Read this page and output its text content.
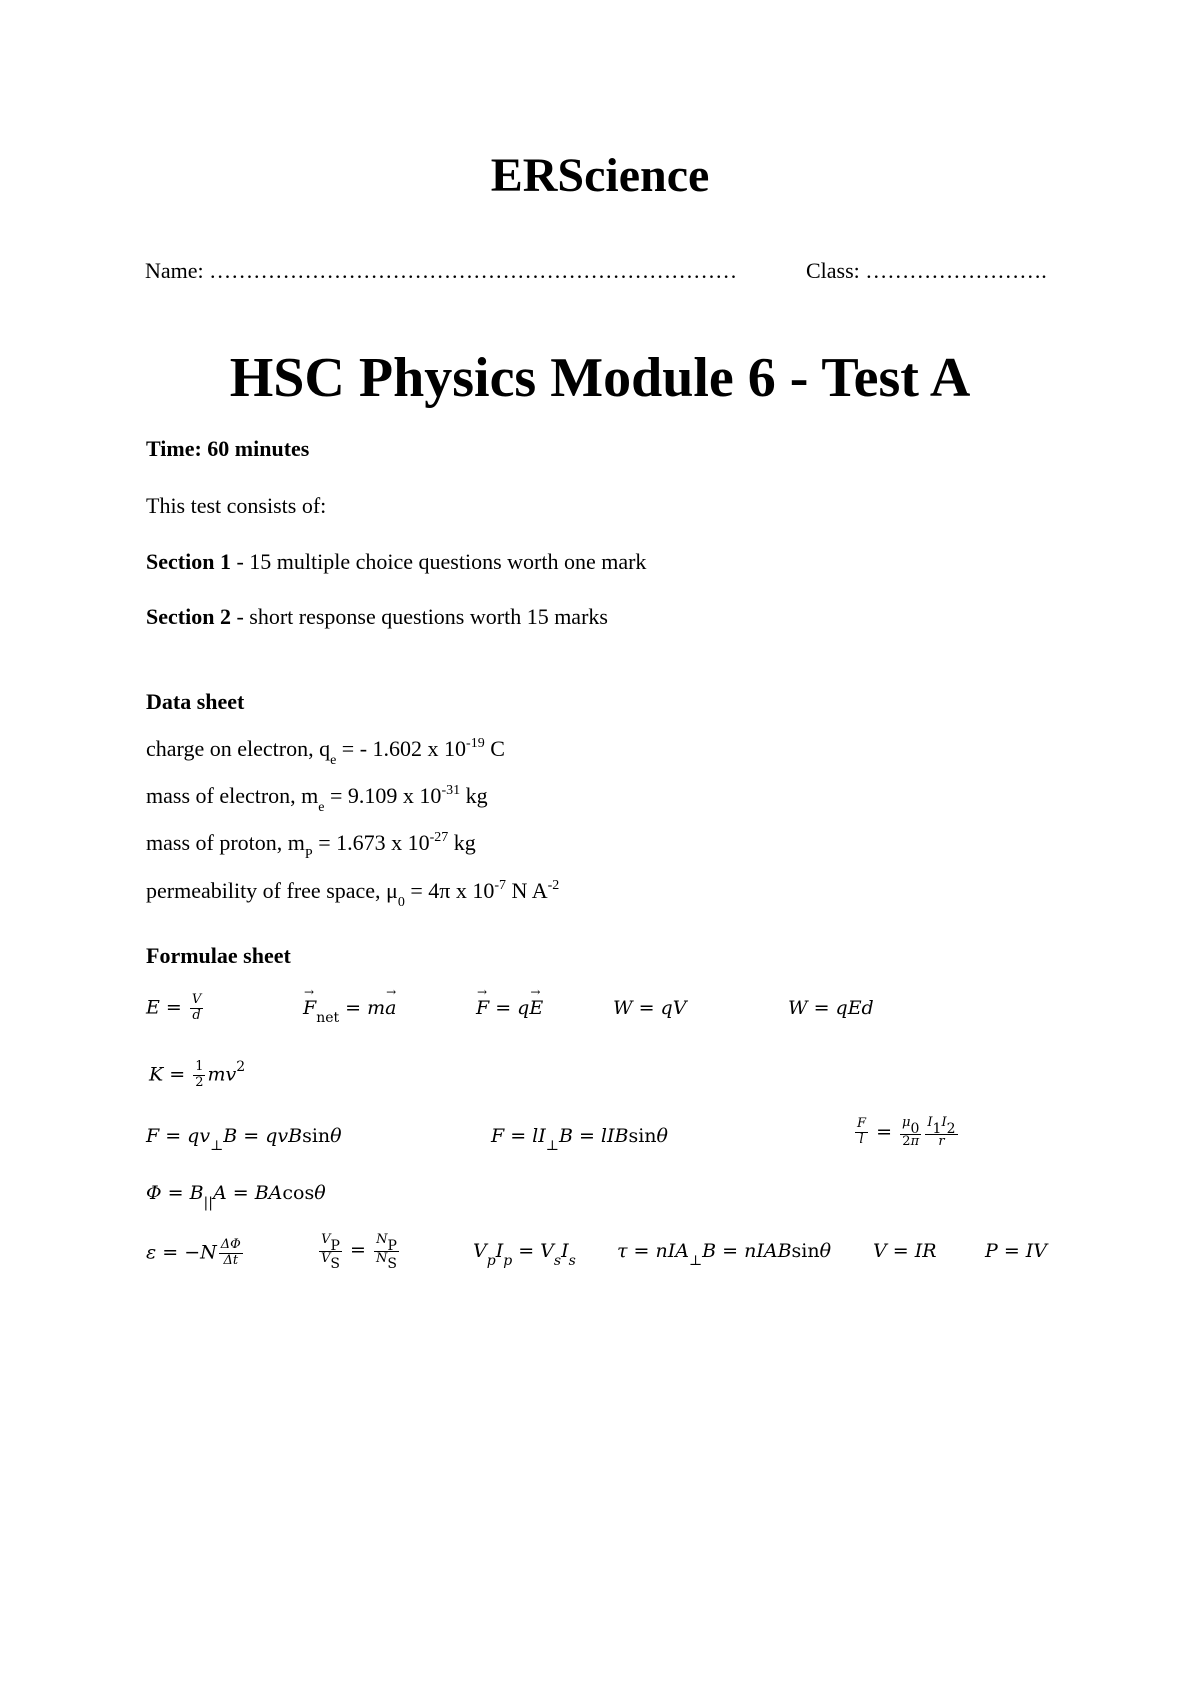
ERScience
Name: ………………………………………………………………	Class: …………………….
HSC Physics Module 6 - Test A
Time: 60 minutes
This test consists of:
Section 1 - 15 multiple choice questions worth one mark
Section 2 - short response questions worth 15 marks
Data sheet
charge on electron, $q_e$ = - 1.602 x $10^{-19}$ C
mass of electron, $m_e = 9.109$ x $10^{-31}$ kg
mass of proton, $m_P = 1.673$ x $10^{-27}$ kg
permeability of free space, $\mu_0 = 4\pi$ x $10^{-7}$ N $A^{-2}$
Formulae sheet
$E = \frac{V}{d}$	→ $F_{net} = m\to a$	→ F = q→ E	W = qV	W = qEd
$K = \frac{1}{2} mv^2$
$F = qv_\perp B = qvBsin\theta$	$F = lI_\perp B = lIBsin\theta$	$\frac{F}{l} = \frac{\mu_0}{2\pi} \frac{I_1I_2}{r}$
$\Phi = B_{||}A = BAcos\theta$
$\varepsilon = -N \frac{\Delta\Phi}{\Delta t}$	$\frac{V_P}{V_S} = \frac{N_P}{N_S}$	$V_pI_p = V_sI_s$ τ = nIA$_\perp$B = nIABsinθ V = IR	P = IV
